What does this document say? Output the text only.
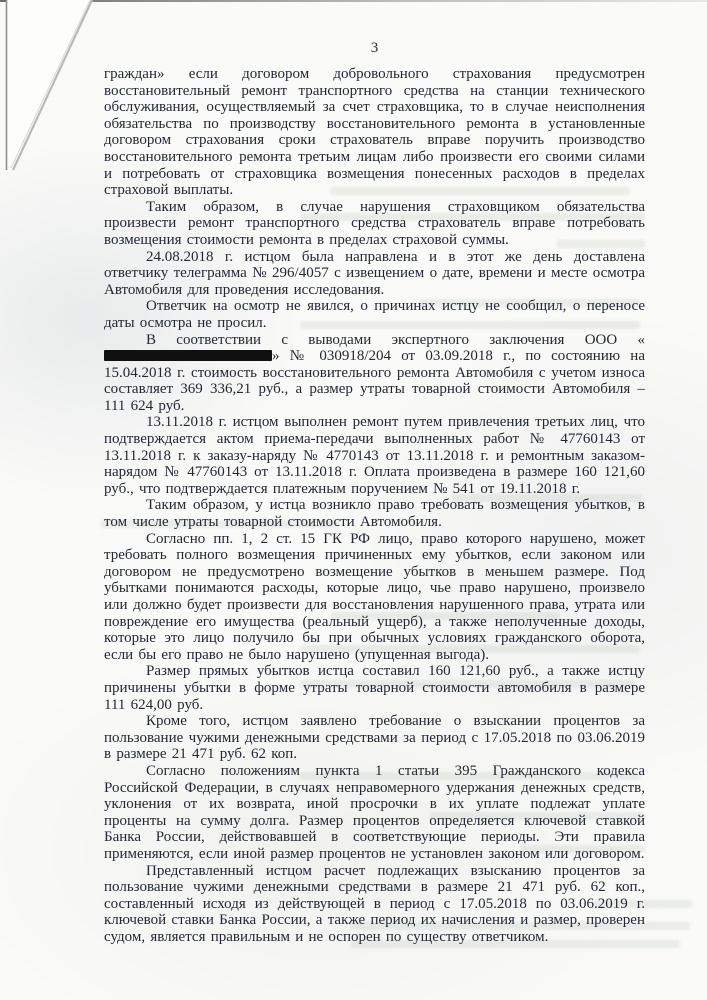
3

граждан» если договором добровольного страхования предусмотрен восстановительный ремонт транспортного средства на станции технического обслуживания, осуществляемый за счет страховщика, то в случае неисполнения обязательства по производству восстановительного ремонта в установленные договором страхования сроки страхователь вправе поручить производство восстановительного ремонта третьим лицам либо произвести его своими силами и потребовать от страховщика возмещения понесенных расходов в пределах страховой выплаты.

Таким образом, в случае нарушения страховщиком обязательства произвести ремонт транспортного средства страхователь вправе потребовать возмещения стоимости ремонта в пределах страховой суммы.

24.08.2018 г. истцом была направлена и в этот же день доставлена ответчику телеграмма № 296/4057 с извещением о дате, времени и месте осмотра Автомобиля для проведения исследования.

Ответчик на осмотр не явился, о причинах истцу не сообщил, о переносе даты осмотра не просил.

В соответствии с выводами экспертного заключения ООО «» № 030918/204 от 03.09.2018 г., по состоянию на 15.04.2018 г. стоимость восстановительного ремонта Автомобиля с учетом износа составляет 369 336,21 руб., а размер утраты товарной стоимости Автомобиля – 111 624 руб.

13.11.2018 г. истцом выполнен ремонт путем привлечения третьих лиц, что подтверждается актом приема-передачи выполненных работ № 47760143 от 13.11.2018 г. к заказу-наряду № 4770143 от 13.11.2018 г. и ремонтным заказом-нарядом № 47760143 от 13.11.2018 г. Оплата произведена в размере 160 121,60 руб., что подтверждается платежным поручением № 541 от 19.11.2018 г.

Таким образом, у истца возникло право требовать возмещения убытков, в том числе утраты товарной стоимости Автомобиля.

Согласно пп. 1, 2 ст. 15 ГК РФ лицо, право которого нарушено, может требовать полного возмещения причиненных ему убытков, если законом или договором не предусмотрено возмещение убытков в меньшем размере. Под убытками понимаются расходы, которые лицо, чье право нарушено, произвело или должно будет произвести для восстановления нарушенного права, утрата или повреждение его имущества (реальный ущерб), а также неполученные доходы, которые это лицо получило бы при обычных условиях гражданского оборота, если бы его право не было нарушено (упущенная выгода).

Размер прямых убытков истца составил 160 121,60 руб., а также истцу причинены убытки в форме утраты товарной стоимости автомобиля в размере 111 624,00 руб.

Кроме того, истцом заявлено требование о взыскании процентов за пользование чужими денежными средствами за период с 17.05.2018 по 03.06.2019 в размере 21 471 руб. 62 коп.

Согласно положениям пункта 1 статьи 395 Гражданского кодекса Российской Федерации, в случаях неправомерного удержания денежных средств, уклонения от их возврата, иной просрочки в их уплате подлежат уплате проценты на сумму долга. Размер процентов определяется ключевой ставкой Банка России, действовавшей в соответствующие периоды. Эти правила применяются, если иной размер процентов не установлен законом или договором.

Представленный истцом расчет подлежащих взысканию процентов за пользование чужими денежными средствами в размере 21 471 руб. 62 коп., составленный исходя из действующей в период с 17.05.2018 по 03.06.2019 г. ключевой ставки Банка России, а также период их начисления и размер, проверен судом, является правильным и не оспорен по существу ответчиком.
